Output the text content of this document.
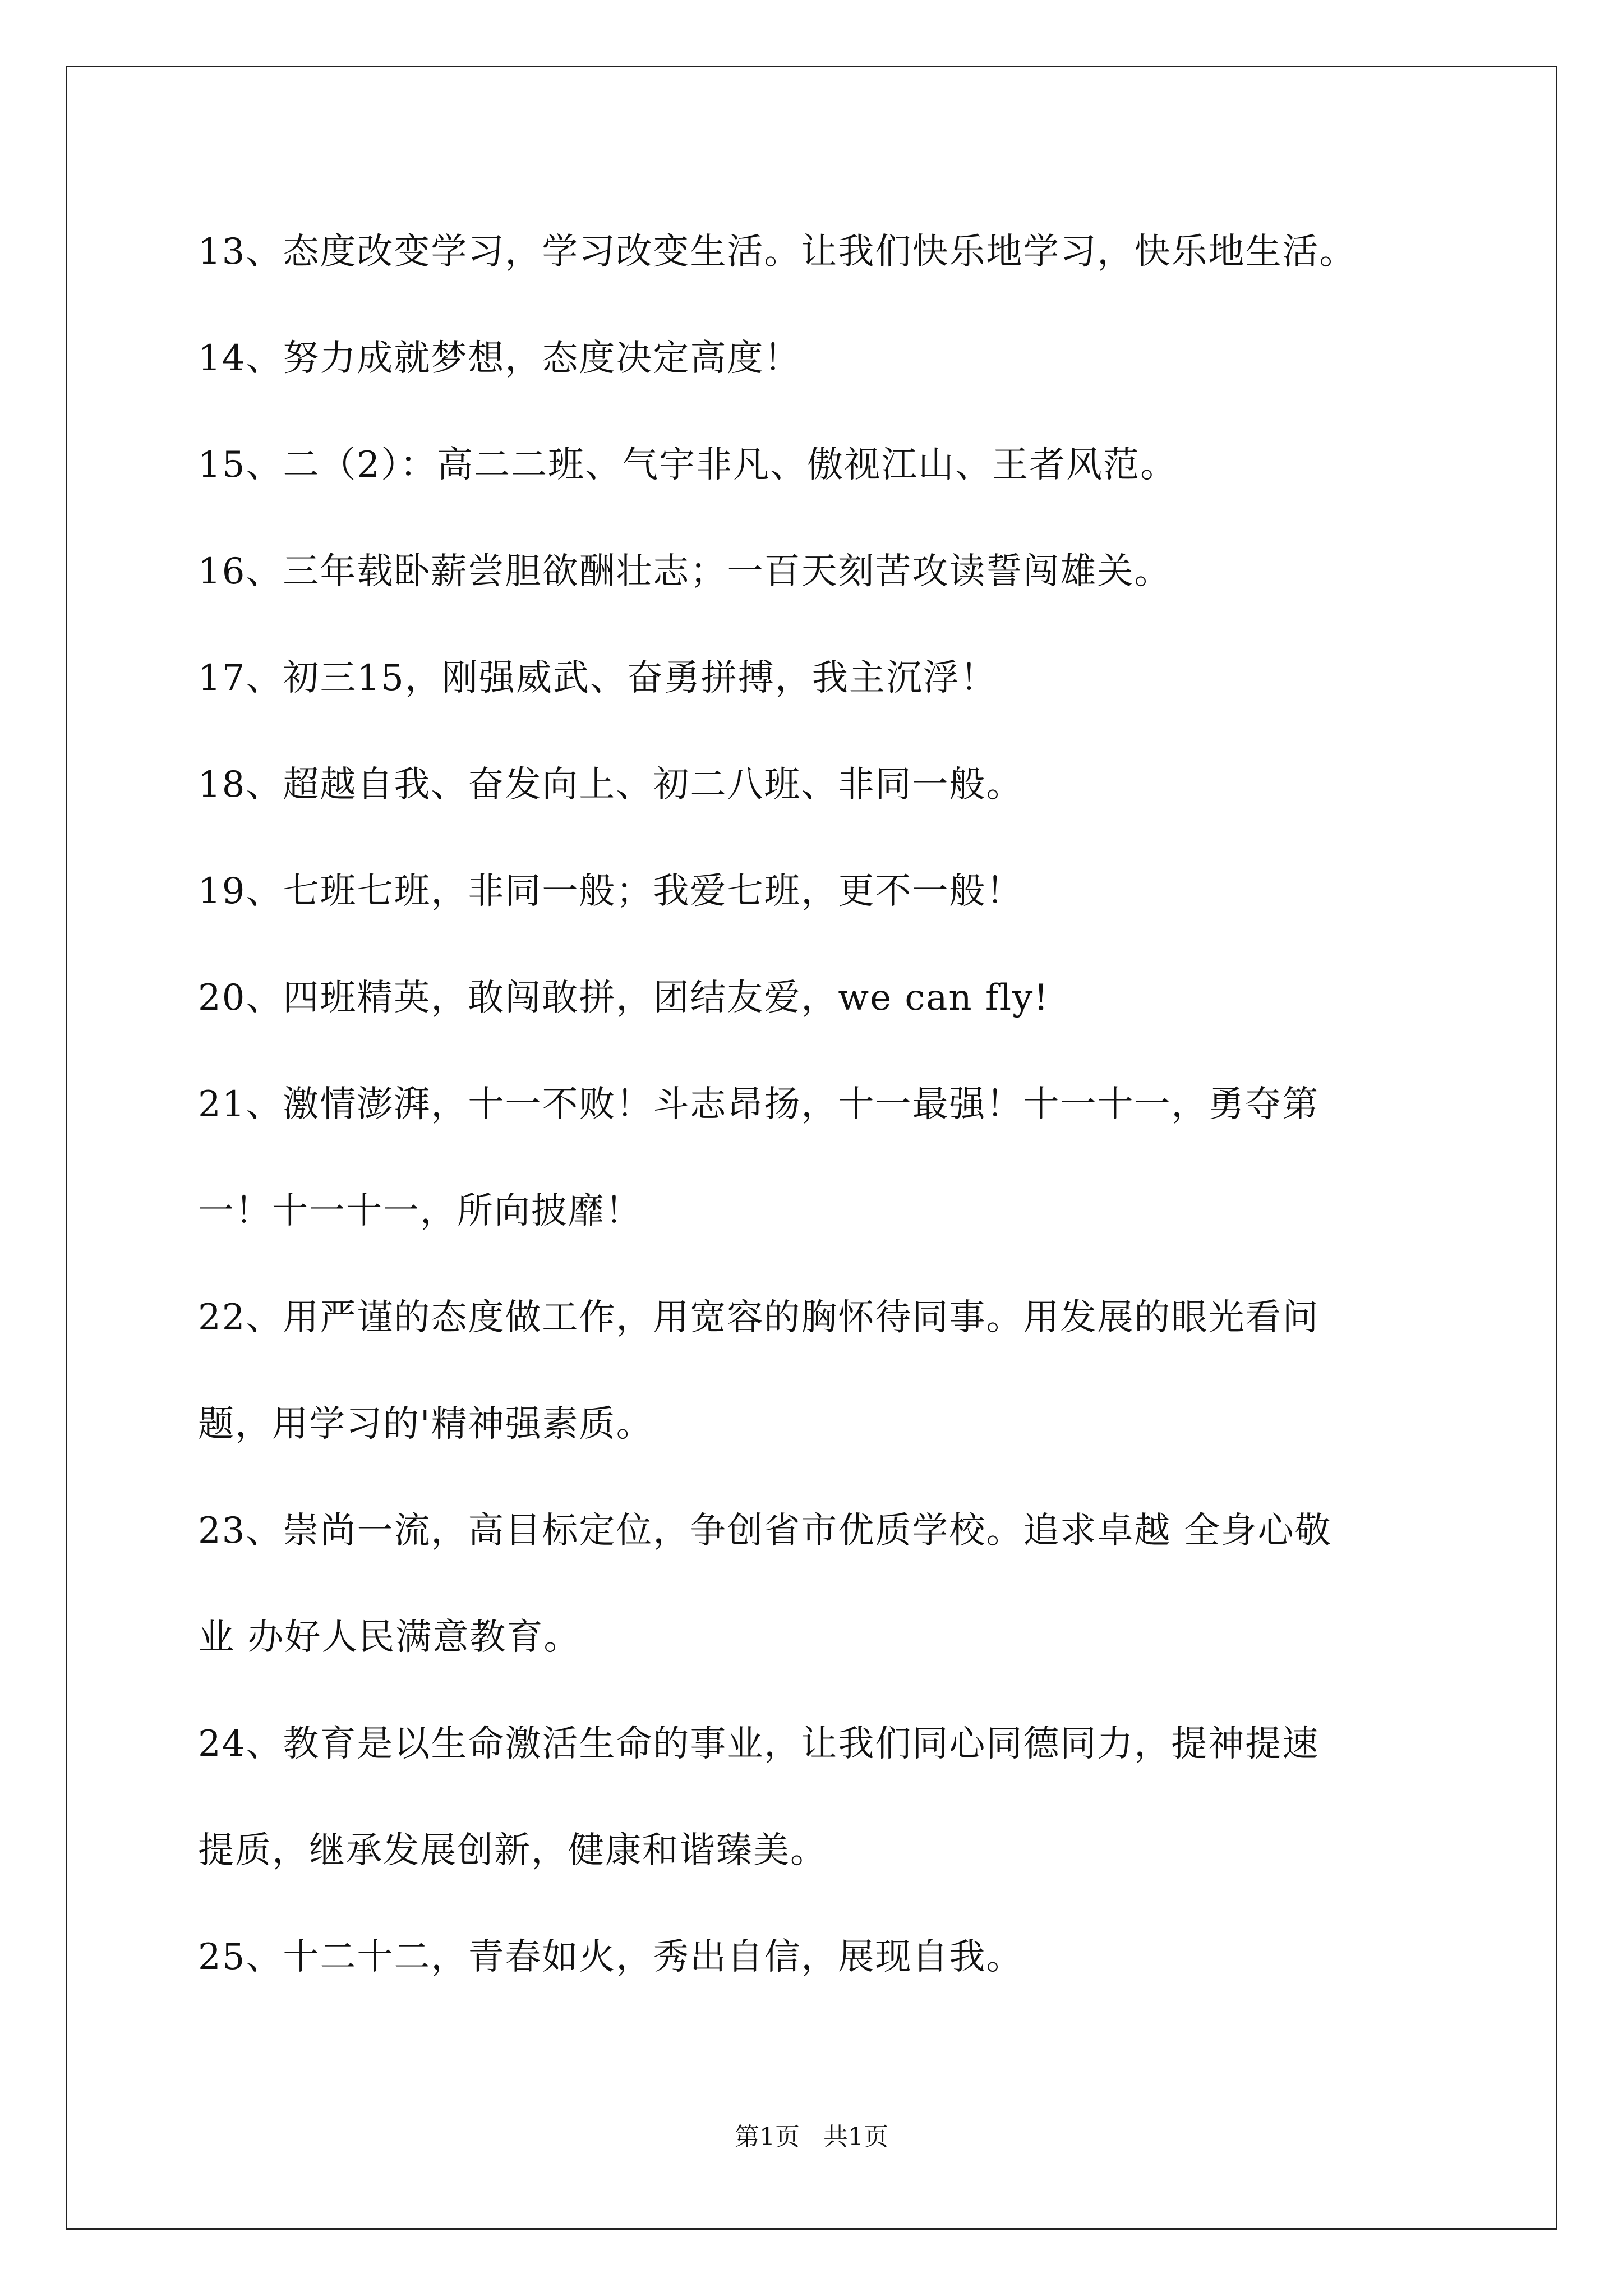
13、态度改变学习，学习改变生活。让我们快乐地学习，快乐地生活。
14、努力成就梦想，态度决定高度！
15、二（2）：高二二班、气宇非凡、傲视江山、王者风范。
16、三年载卧薪尝胆欲酬壮志；一百天刻苦攻读誓闯雄关。
17、初三15，刚强威武、奋勇拼搏，我主沉浮！
18、超越自我、奋发向上、初二八班、非同一般。
19、七班七班，非同一般；我爱七班，更不一般！
20、四班精英，敢闯敢拼，团结友爱，we can fly!
21、激情澎湃，十一不败！斗志昂扬，十一最强！十一十一，勇夺第
一！十一十一，所向披靡！
22、用严谨的态度做工作，用宽容的胸怀待同事。用发展的眼光看问
题，用学习的'精神强素质。
23、崇尚一流，高目标定位，争创省市优质学校。追求卓越 全身心敬
业 办好人民满意教育。
24、教育是以生命激活生命的事业，让我们同心同德同力，提神提速
提质，继承发展创新，健康和谐臻美。
25、十二十二，青春如火，秀出自信，展现自我。
第1页   共1页
